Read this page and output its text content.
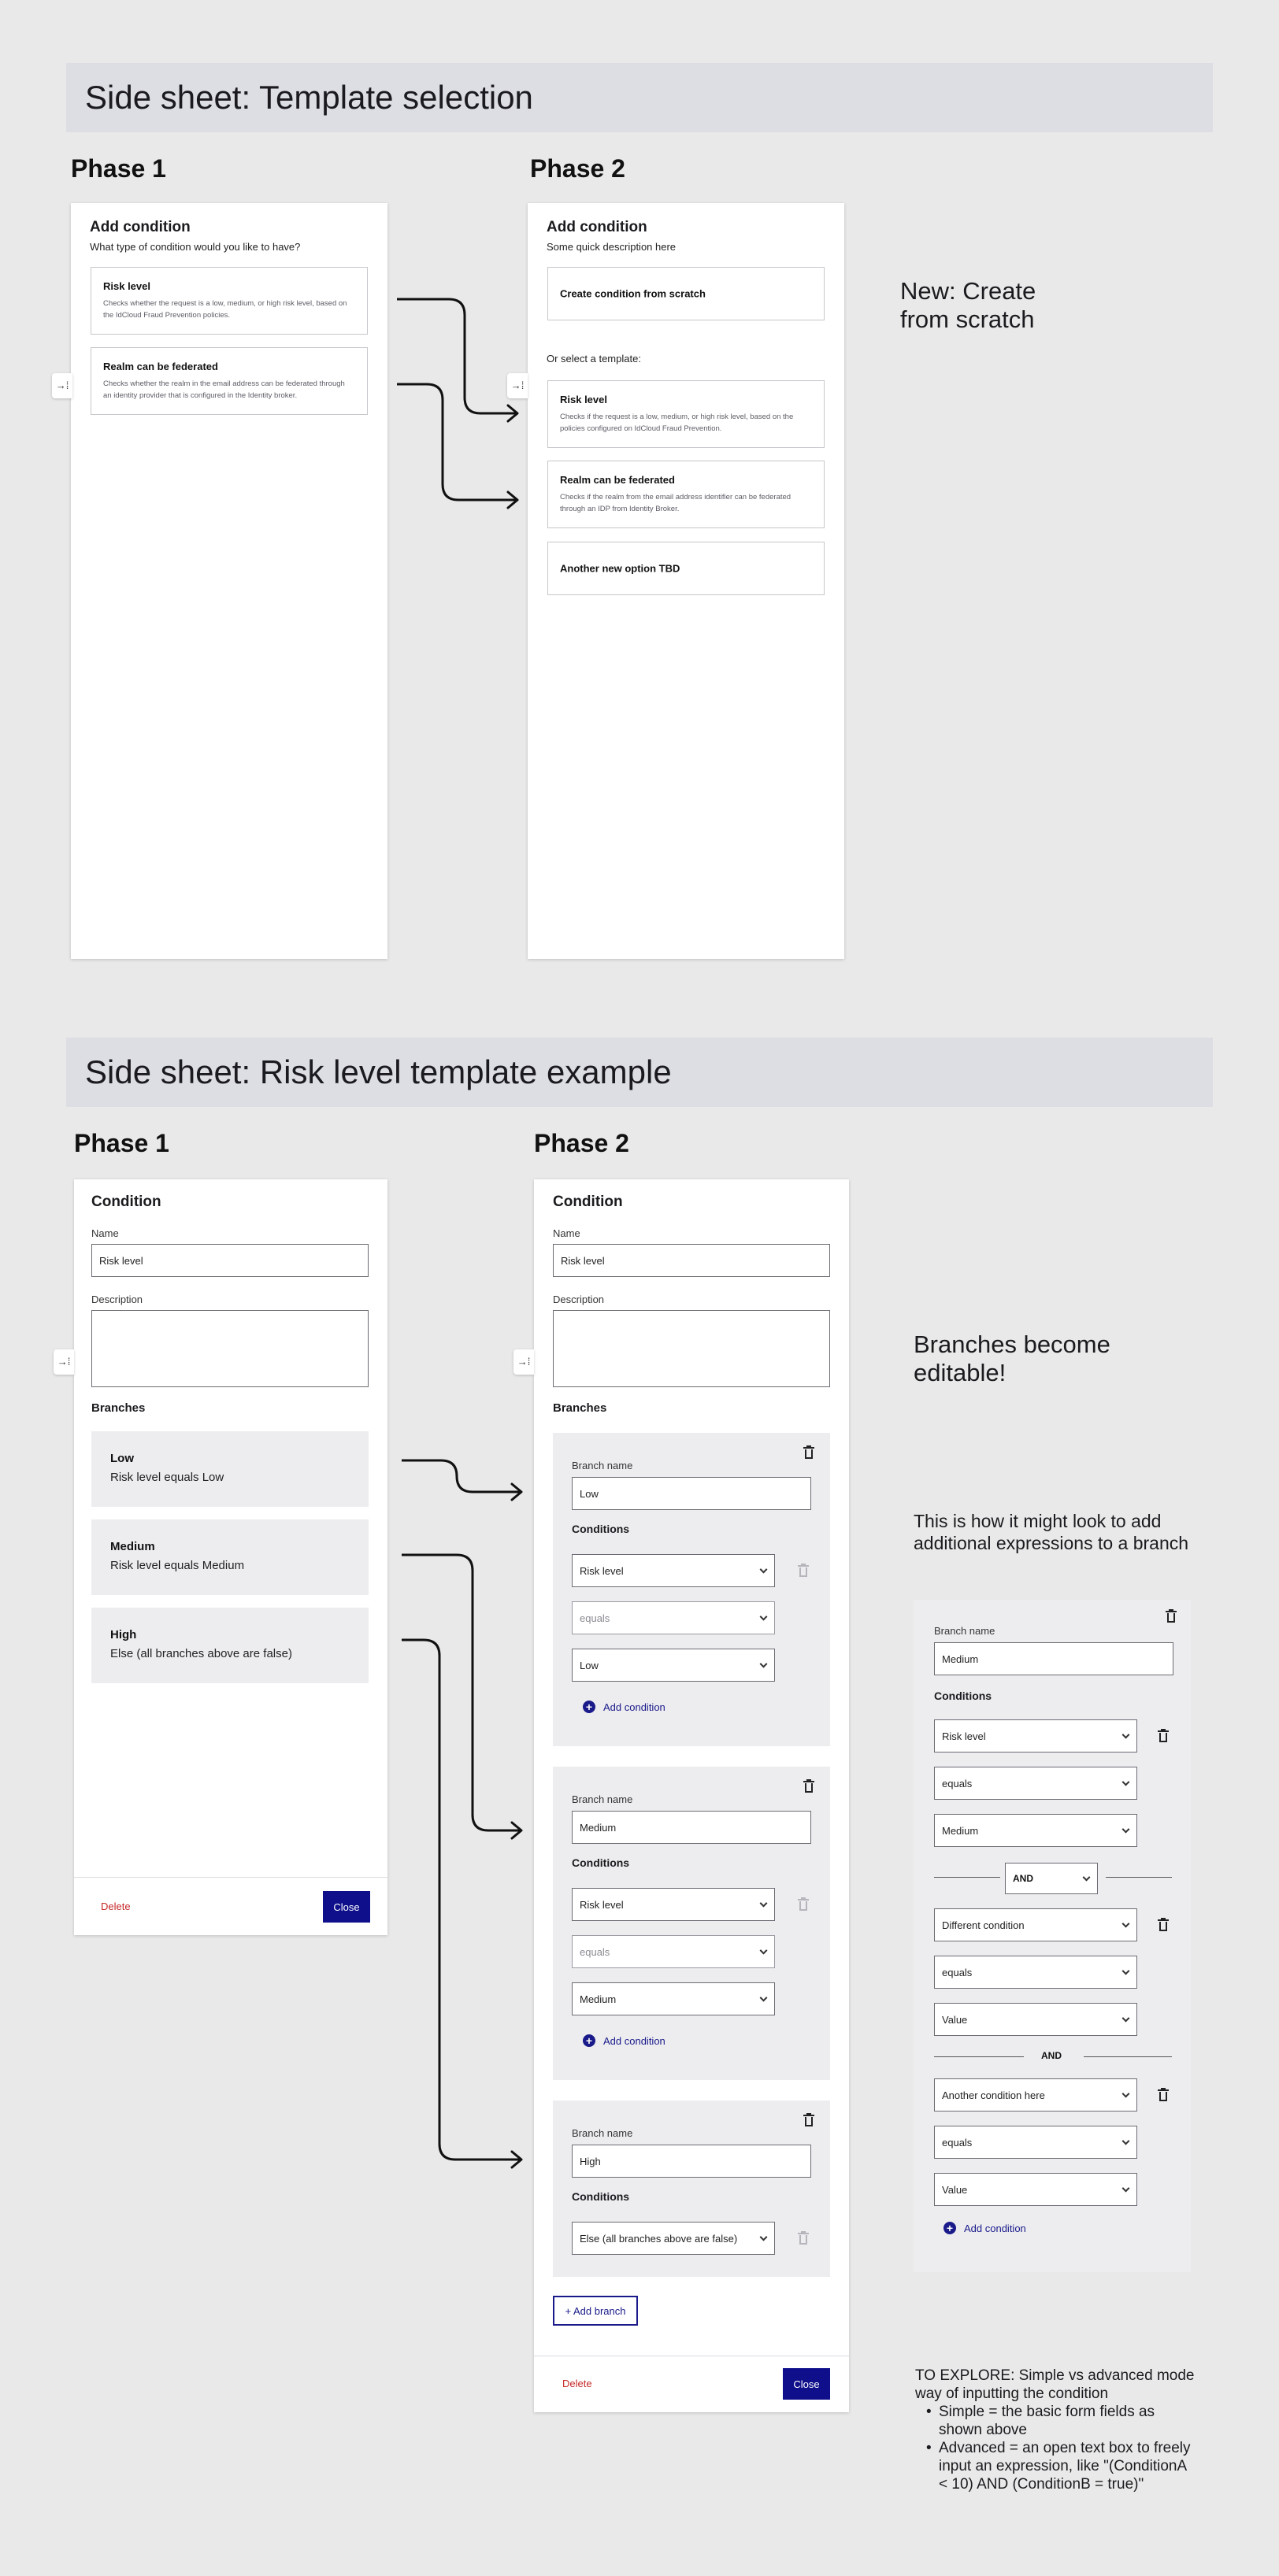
Side sheet: Template selection
Phase 1	Phase 2
Add condition
What type of condition would you like to have?
Risk level
Checks whether the request is a low, medium, or high risk level, based on the IdCloud Fraud Prevention policies.
Realm can be federated
Checks whether the realm in the email address can be federated through an identity provider that is configured in the Identity broker.
→⁞
Add condition
Some quick description here
Create condition from scratch
Or select a template:
Risk level
Checks if the request is a low, medium, or high risk level, based on the policies configured on IdCloud Fraud Prevention.
Realm can be federated
Checks if the realm from the email address identifier can be federated through an IDP from Identity Broker.
Another new option TBD
→⁞
New: Create from scratch
Side sheet: Risk level template example
Phase 1	Phase 2
Condition
Name
Risk level
Description
Branches
Low
Risk level equals Low
Medium
Risk level equals Medium
High
Else (all branches above are false)
Delete	Close
→⁞
Condition
Name
Risk level
Description
Branches
Branch name
Low
Conditions
Risk level
equals
Low
+	Add condition
Branch name
Medium
Conditions
Risk level
equals
Medium
+	Add condition
Branch name
High
Conditions
Else (all branches above are false)
+ Add branch
Delete	Close
→⁞
Branches become editable!
This is how it might look to add additional expressions to a branch
Branch name
Medium
Conditions
Risk level
equals
Medium
AND
Different condition
equals
Value
AND
Another condition here
equals
Value
+	Add condition
TO EXPLORE: Simple vs advanced mode way of inputting the condition
• Simple = the basic form fields as shown above
• Advanced = an open text box to freely input an expression, like "(ConditionA < 10) AND (ConditionB = true)"
